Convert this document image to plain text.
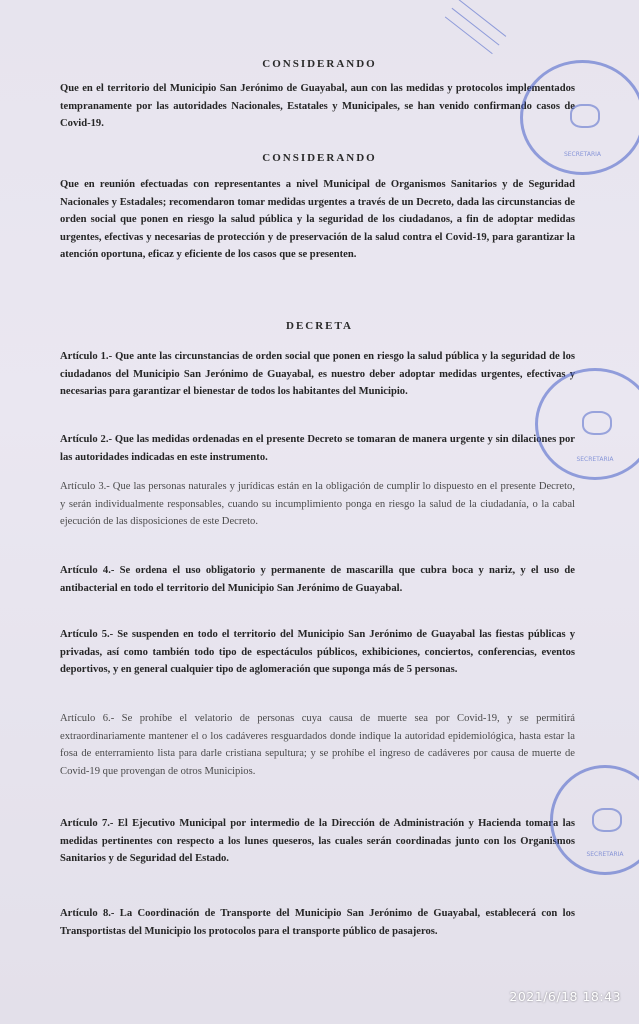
CONSIDERANDO
Que en el territorio del Municipio San Jerónimo de Guayabal, aun con las medidas y protocolos implementados tempranamente por las autoridades Nacionales, Estatales y Municipales, se han venido confirmando casos de Covid-19.
CONSIDERANDO
Que en reunión efectuadas con representantes a nivel Municipal de Organismos Sanitarios y de Seguridad Nacionales y Estadales; recomendaron tomar medidas urgentes a través de un Decreto, dada las circunstancias de orden social que ponen en riesgo la salud pública y la seguridad de los ciudadanos, a fin de adoptar medidas urgentes, efectivas y necesarias de protección y de preservación de la salud contra el Covid-19, para garantizar la atención oportuna, eficaz y eficiente de los casos que se presenten.
DECRETA
Artículo 1.- Que ante las circunstancias de orden social que ponen en riesgo la salud pública y la seguridad de los ciudadanos del Municipio San Jerónimo de Guayabal, es nuestro deber adoptar medidas urgentes, efectivas y necesarias para garantizar el bienestar de todos los habitantes del Municipio.
Artículo 2.- Que las medidas ordenadas en el presente Decreto se tomaran de manera urgente y sin dilaciones por las autoridades indicadas en este instrumento.
Artículo 3.- Que las personas naturales y jurídicas están en la obligación de cumplir lo dispuesto en el presente Decreto, y serán individualmente responsables, cuando su incumplimiento ponga en riesgo la salud de la ciudadanía, o la cabal ejecución de las disposiciones de este Decreto.
Artículo 4.- Se ordena el uso obligatorio y permanente de mascarilla que cubra boca y nariz, y el uso de antibacterial en todo el territorio del Municipio San Jerónimo de Guayabal.
Artículo 5.- Se suspenden en todo el territorio del Municipio San Jerónimo de Guayabal las fiestas públicas y privadas, así como también todo tipo de espectáculos públicos, exhibiciones, conciertos, conferencias, eventos deportivos, y en general cualquier tipo de aglomeración que suponga más de 5 personas.
Artículo 6.- Se prohíbe el velatorio de personas cuya causa de muerte sea por Covid-19, y se permitirá extraordinariamente mantener el o los cadáveres resguardados donde indique la autoridad epidemiológica, hasta estar la fosa de enterramiento lista para darle cristiana sepultura; y se prohíbe el ingreso de cadáveres por causa de muerte de Covid-19 que provengan de otros Municipios.
Artículo 7.- El Ejecutivo Municipal por intermedio de la Dirección de Administración y Hacienda tomara las medidas pertinentes con respecto a los lunes queseros, las cuales serán coordinadas junto con los Organismos Sanitarios y de Seguridad del Estado.
Artículo 8.- La Coordinación de Transporte del Municipio San Jerónimo de Guayabal, establecerá con los Transportistas del Municipio los protocolos para el transporte público de pasajeros.
SECRETARIA
SECRETARIA
SECRETARIA
2021/6/18 18:43
